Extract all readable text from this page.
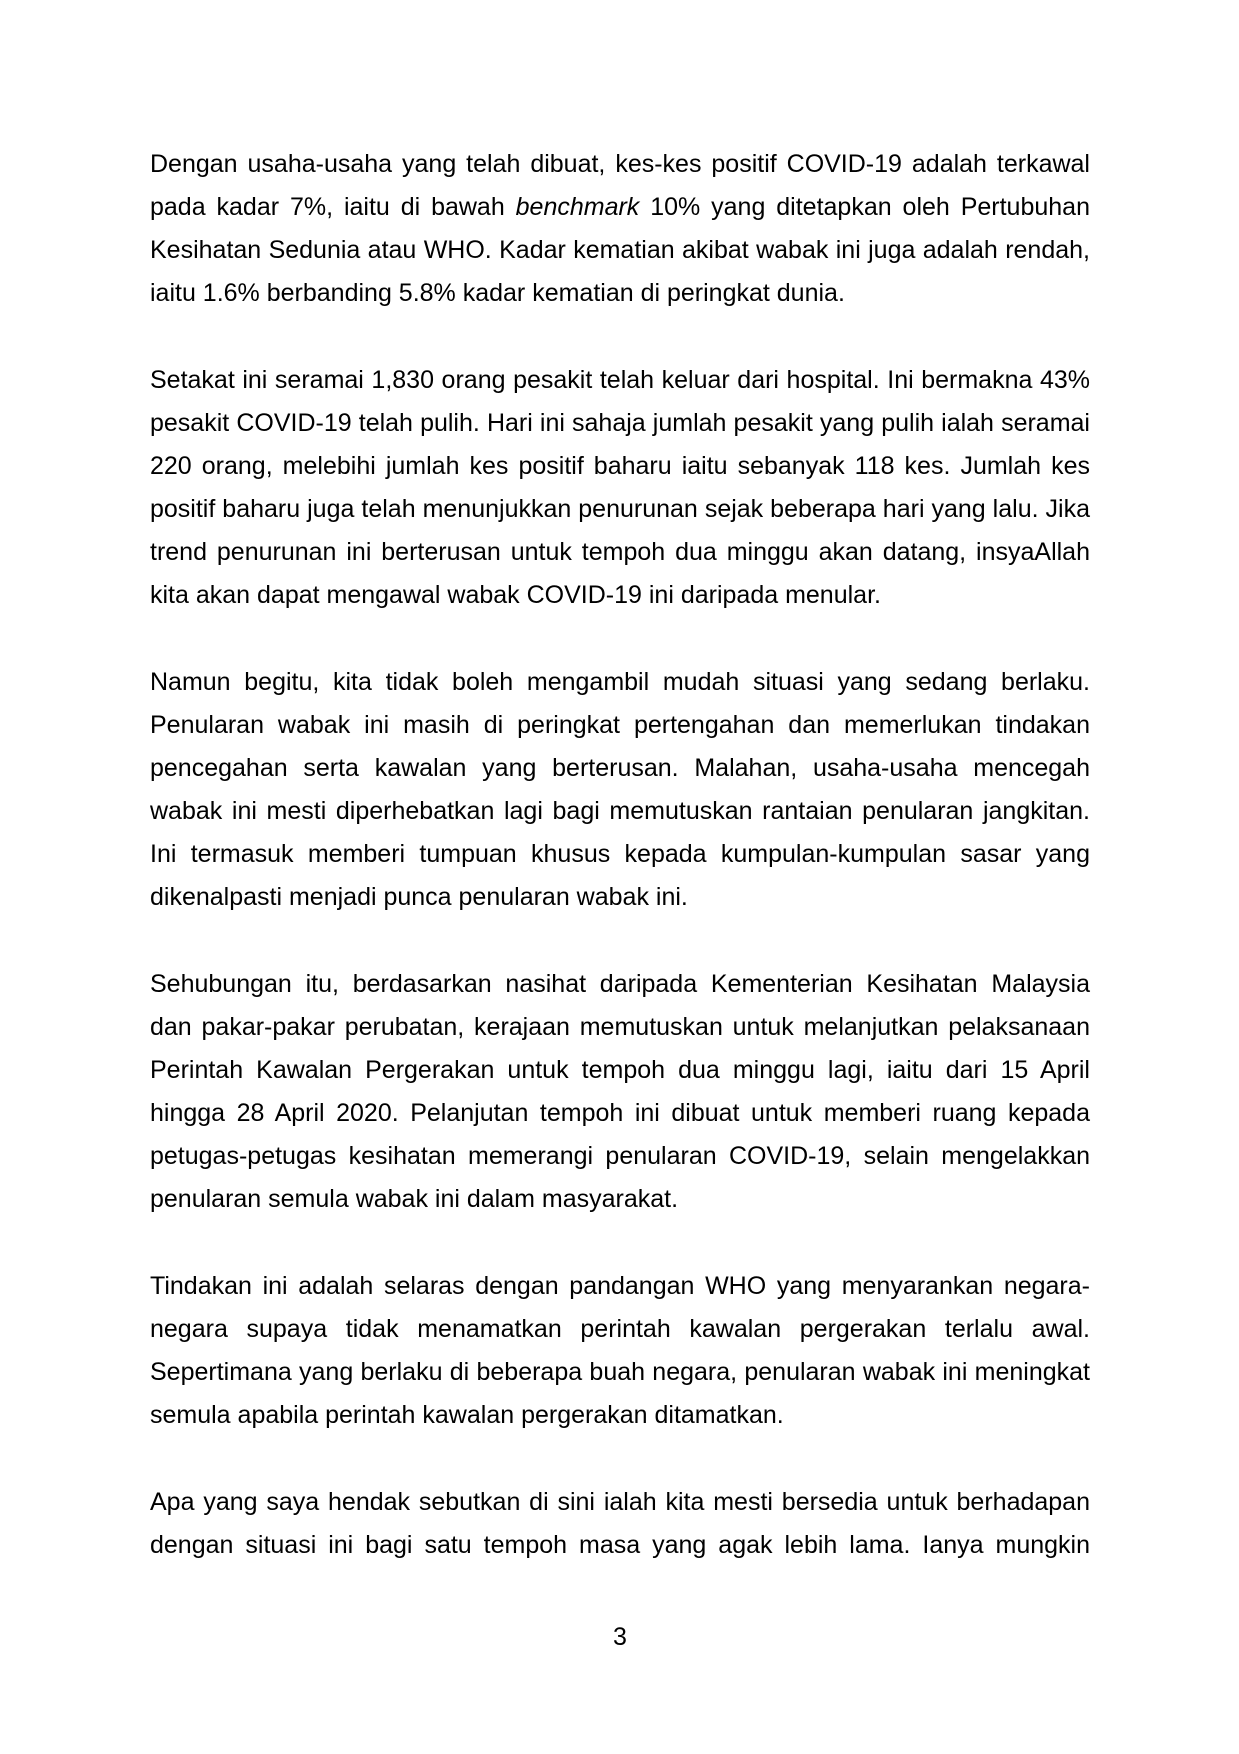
Dengan usaha-usaha yang telah dibuat, kes-kes positif COVID-19 adalah terkawal pada kadar 7%, iaitu di bawah benchmark 10% yang ditetapkan oleh Pertubuhan Kesihatan Sedunia atau WHO. Kadar kematian akibat wabak ini juga adalah rendah, iaitu 1.6% berbanding 5.8% kadar kematian di peringkat dunia.

Setakat ini seramai 1,830 orang pesakit telah keluar dari hospital. Ini bermakna 43% pesakit COVID-19 telah pulih. Hari ini sahaja jumlah pesakit yang pulih ialah seramai 220 orang, melebihi jumlah kes positif baharu iaitu sebanyak 118 kes. Jumlah kes positif baharu juga telah menunjukkan penurunan sejak beberapa hari yang lalu. Jika trend penurunan ini berterusan untuk tempoh dua minggu akan datang, insyaAllah kita akan dapat mengawal wabak COVID-19 ini daripada menular.

Namun begitu, kita tidak boleh mengambil mudah situasi yang sedang berlaku. Penularan wabak ini masih di peringkat pertengahan dan memerlukan tindakan pencegahan serta kawalan yang berterusan. Malahan, usaha-usaha mencegah wabak ini mesti diperhebatkan lagi bagi memutuskan rantaian penularan jangkitan. Ini termasuk memberi tumpuan khusus kepada kumpulan-kumpulan sasar yang dikenalpasti menjadi punca penularan wabak ini.

Sehubungan itu, berdasarkan nasihat daripada Kementerian Kesihatan Malaysia dan pakar-pakar perubatan, kerajaan memutuskan untuk melanjutkan pelaksanaan Perintah Kawalan Pergerakan untuk tempoh dua minggu lagi, iaitu dari 15 April hingga 28 April 2020. Pelanjutan tempoh ini dibuat untuk memberi ruang kepada petugas-petugas kesihatan memerangi penularan COVID-19, selain mengelakkan penularan semula wabak ini dalam masyarakat.

Tindakan ini adalah selaras dengan pandangan WHO yang menyarankan negara-negara supaya tidak menamatkan perintah kawalan pergerakan terlalu awal. Sepertimana yang berlaku di beberapa buah negara, penularan wabak ini meningkat semula apabila perintah kawalan pergerakan ditamatkan.

Apa yang saya hendak sebutkan di sini ialah kita mesti bersedia untuk berhadapan dengan situasi ini bagi satu tempoh masa yang agak lebih lama. Ianya mungkin

3
